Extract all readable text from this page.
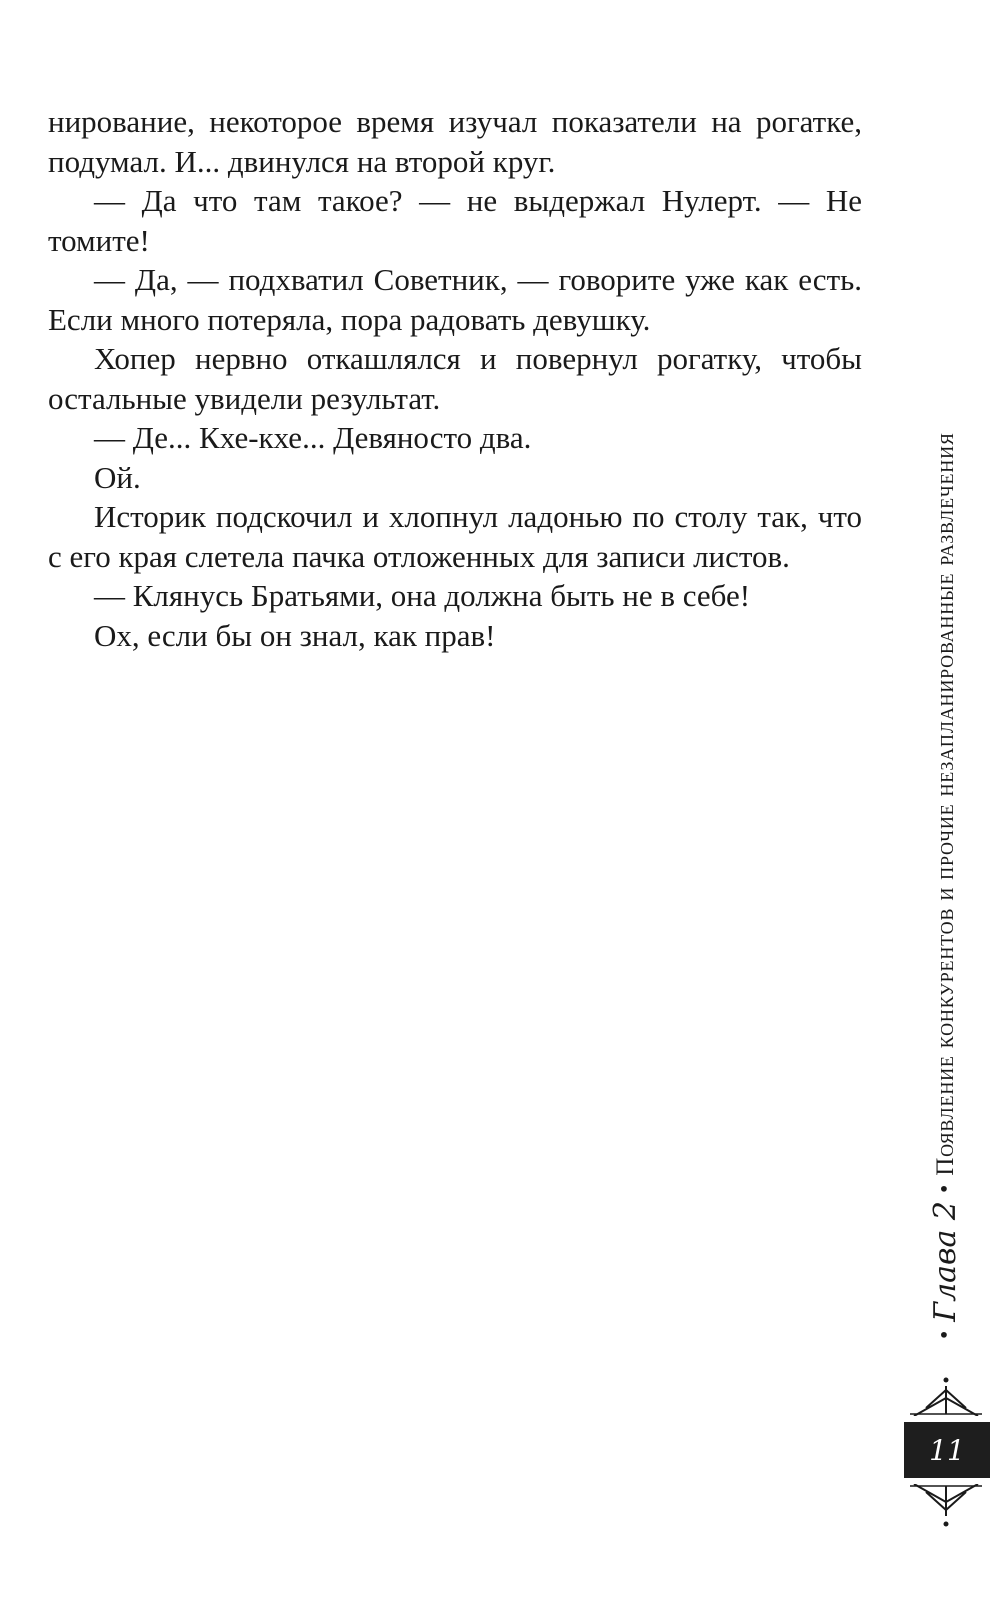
нирование, некоторое время изучал показатели на рогатке, подумал. И... двинулся на второй круг.

— Да что там такое? — не выдержал Нулерт. — Не томите!

— Да, — подхватил Советник, — говорите уже как есть. Если много потеряла, пора радовать девушку.

Хопер нервно откашлялся и повернул рогатку, чтобы остальные увидели результат.

— Де... Кхе-кхе... Девяносто два.

Ой.

Историк подскочил и хлопнул ладонью по столу так, что с его края слетела пачка отложенных для записи листов.

— Клянусь Братьями, она должна быть не в себе!

Ох, если бы он знал, как прав!

•
Глава 2
•
Появление конкурентов и прочие незапланированные развлечения
11
